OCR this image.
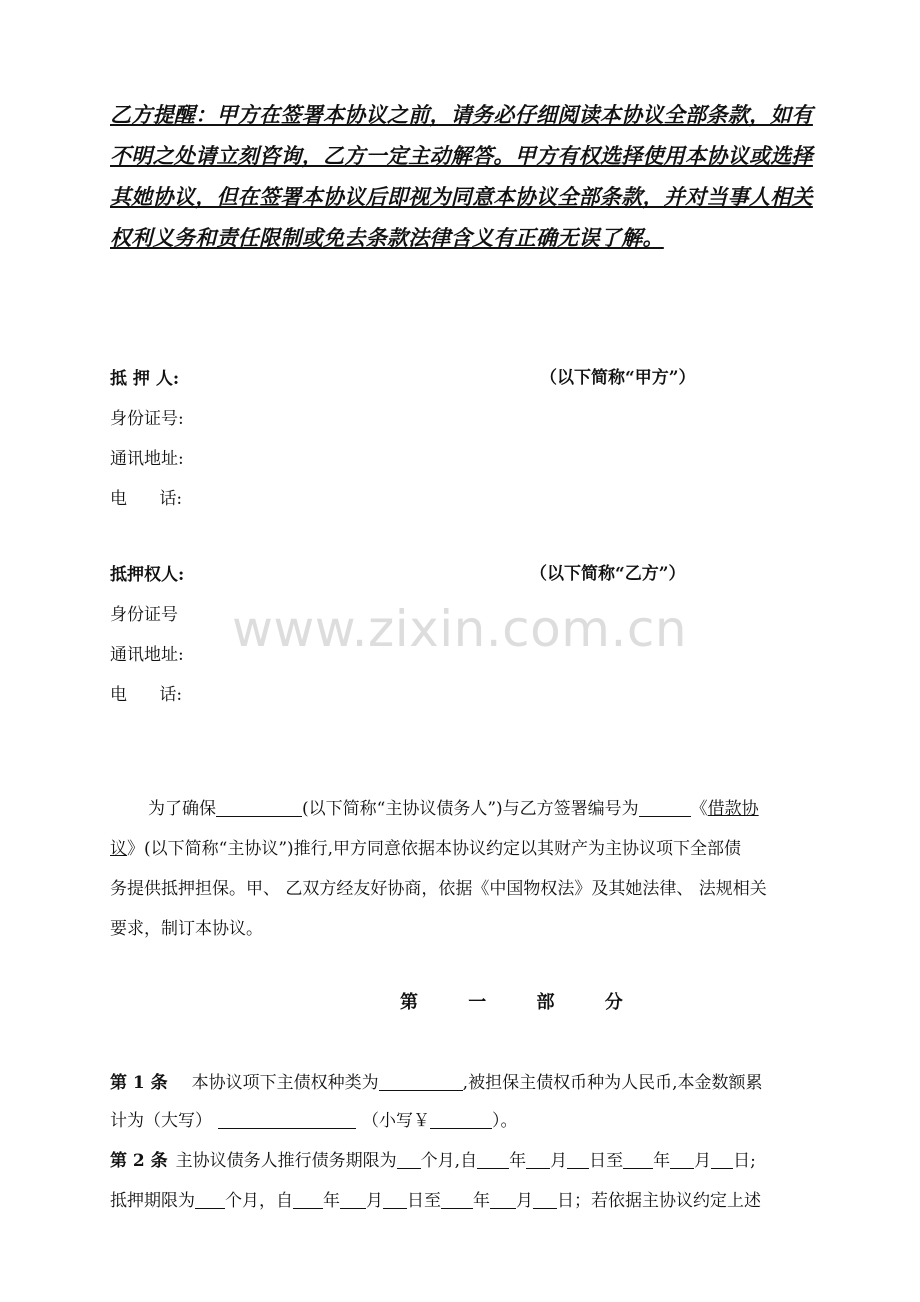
乙方提醒：甲方在签署本协议之前，请务必仔细阅读本协议全部条款，如有
不明之处请立刻咨询，乙方一定主动解答。甲方有权选择使用本协议或选择
其她协议，但在签署本协议后即视为同意本协议全部条款，并对当事人相关
权利义务和责任限制或免去条款法律含义有正确无误了解。
抵 押 人:	（以下简称“甲方”）
身份证号:
通讯地址:
电      话:
抵押权人:	（以下简称“乙方”）
身份证号
通讯地址:
电      话:
为了确保	(以下简称“主协议债务人”)与乙方签署编号为	《借款协
议》(以下简称“主协议”)推行,甲方同意依据本协议约定以其财产为主协议项下全部债
务提供抵押担保。甲、 乙双方经友好协商，依据《中国物权法》及其她法律、 法规相关
要求，制订本协议。
第 一 部 分
第 1 条 本协议项下主债权种类为	,被担保主债权币种为人民币,本金数额累
计为（大写）	（小写￥	）。
第 2 条 主协议债务人推行债务期限为 个月,自 年 月 日至 年 月 日;
抵押期限为 个月，自 年 月 日至 年 月 日；若依据主协议约定上述
www.zixin.com.cn
